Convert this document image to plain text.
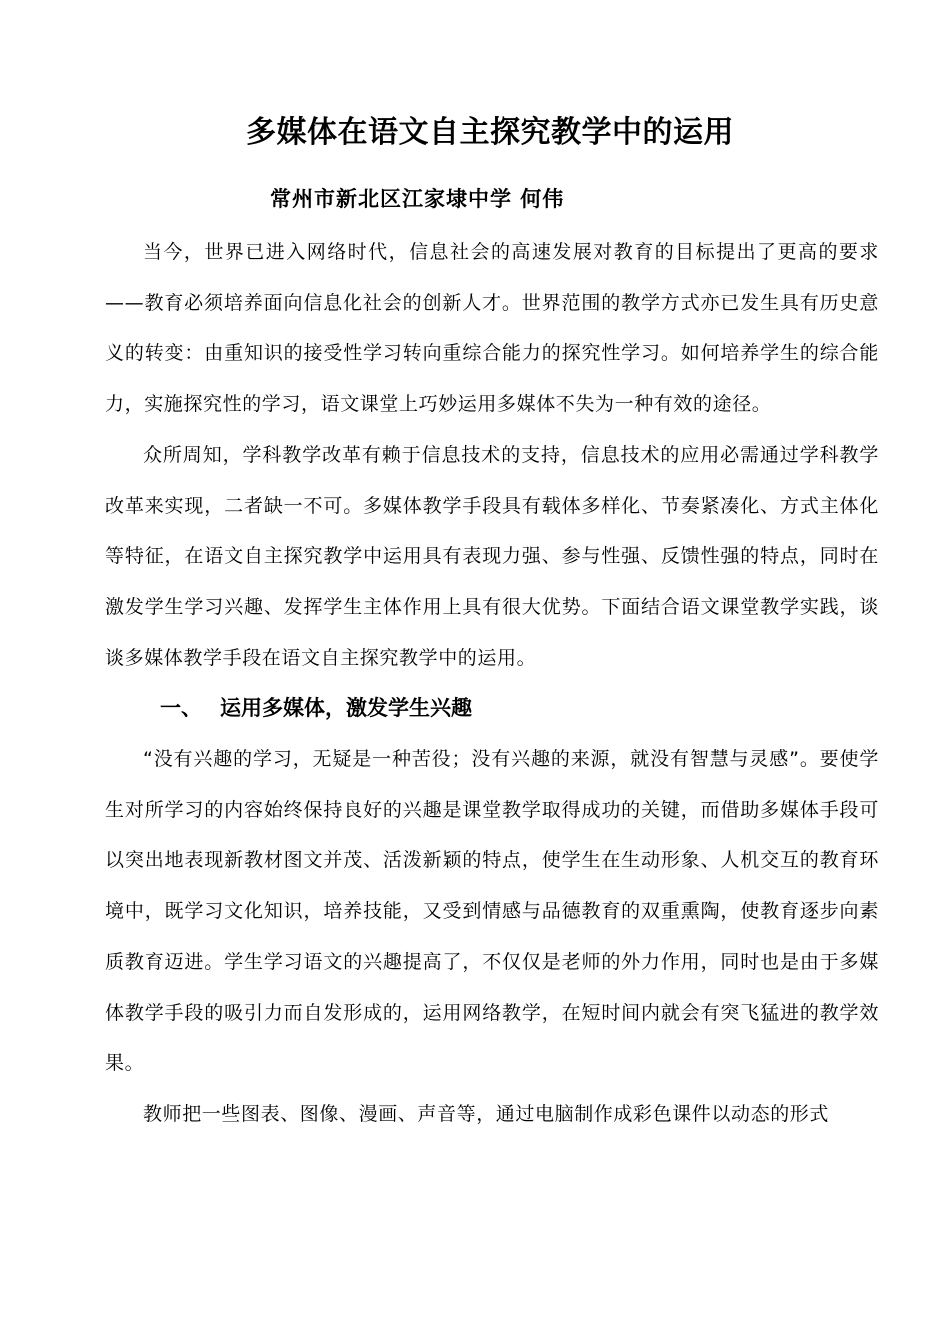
多媒体在语文自主探究教学中的运用
常州市新北区江家埭中学 何伟

当今，世界已进入网络时代，信息社会的高速发展对教育的目标提出了更高的要求——教育必须培养面向信息化社会的创新人才。世界范围的教学方式亦已发生具有历史意义的转变：由重知识的接受性学习转向重综合能力的探究性学习。如何培养学生的综合能力，实施探究性的学习，语文课堂上巧妙运用多媒体不失为一种有效的途径。

众所周知，学科教学改革有赖于信息技术的支持，信息技术的应用必需通过学科教学改革来实现，二者缺一不可。多媒体教学手段具有载体多样化、节奏紧凑化、方式主体化等特征，在语文自主探究教学中运用具有表现力强、参与性强、反馈性强的特点，同时在激发学生学习兴趣、发挥学生主体作用上具有很大优势。下面结合语文课堂教学实践，谈谈多媒体教学手段在语文自主探究教学中的运用。

一、 运用多媒体，激发学生兴趣

“没有兴趣的学习，无疑是一种苦役；没有兴趣的来源，就没有智慧与灵感”。要使学生对所学习的内容始终保持良好的兴趣是课堂教学取得成功的关键，而借助多媒体手段可以突出地表现新教材图文并茂、活泼新颖的特点，使学生在生动形象、人机交互的教育环境中，既学习文化知识，培养技能，又受到情感与品德教育的双重熏陶，使教育逐步向素质教育迈进。学生学习语文的兴趣提高了，不仅仅是老师的外力作用，同时也是由于多媒体教学手段的吸引力而自发形成的，运用网络教学，在短时间内就会有突飞猛进的教学效果。

教师把一些图表、图像、漫画、声音等，通过电脑制作成彩色课件以动态的形式
